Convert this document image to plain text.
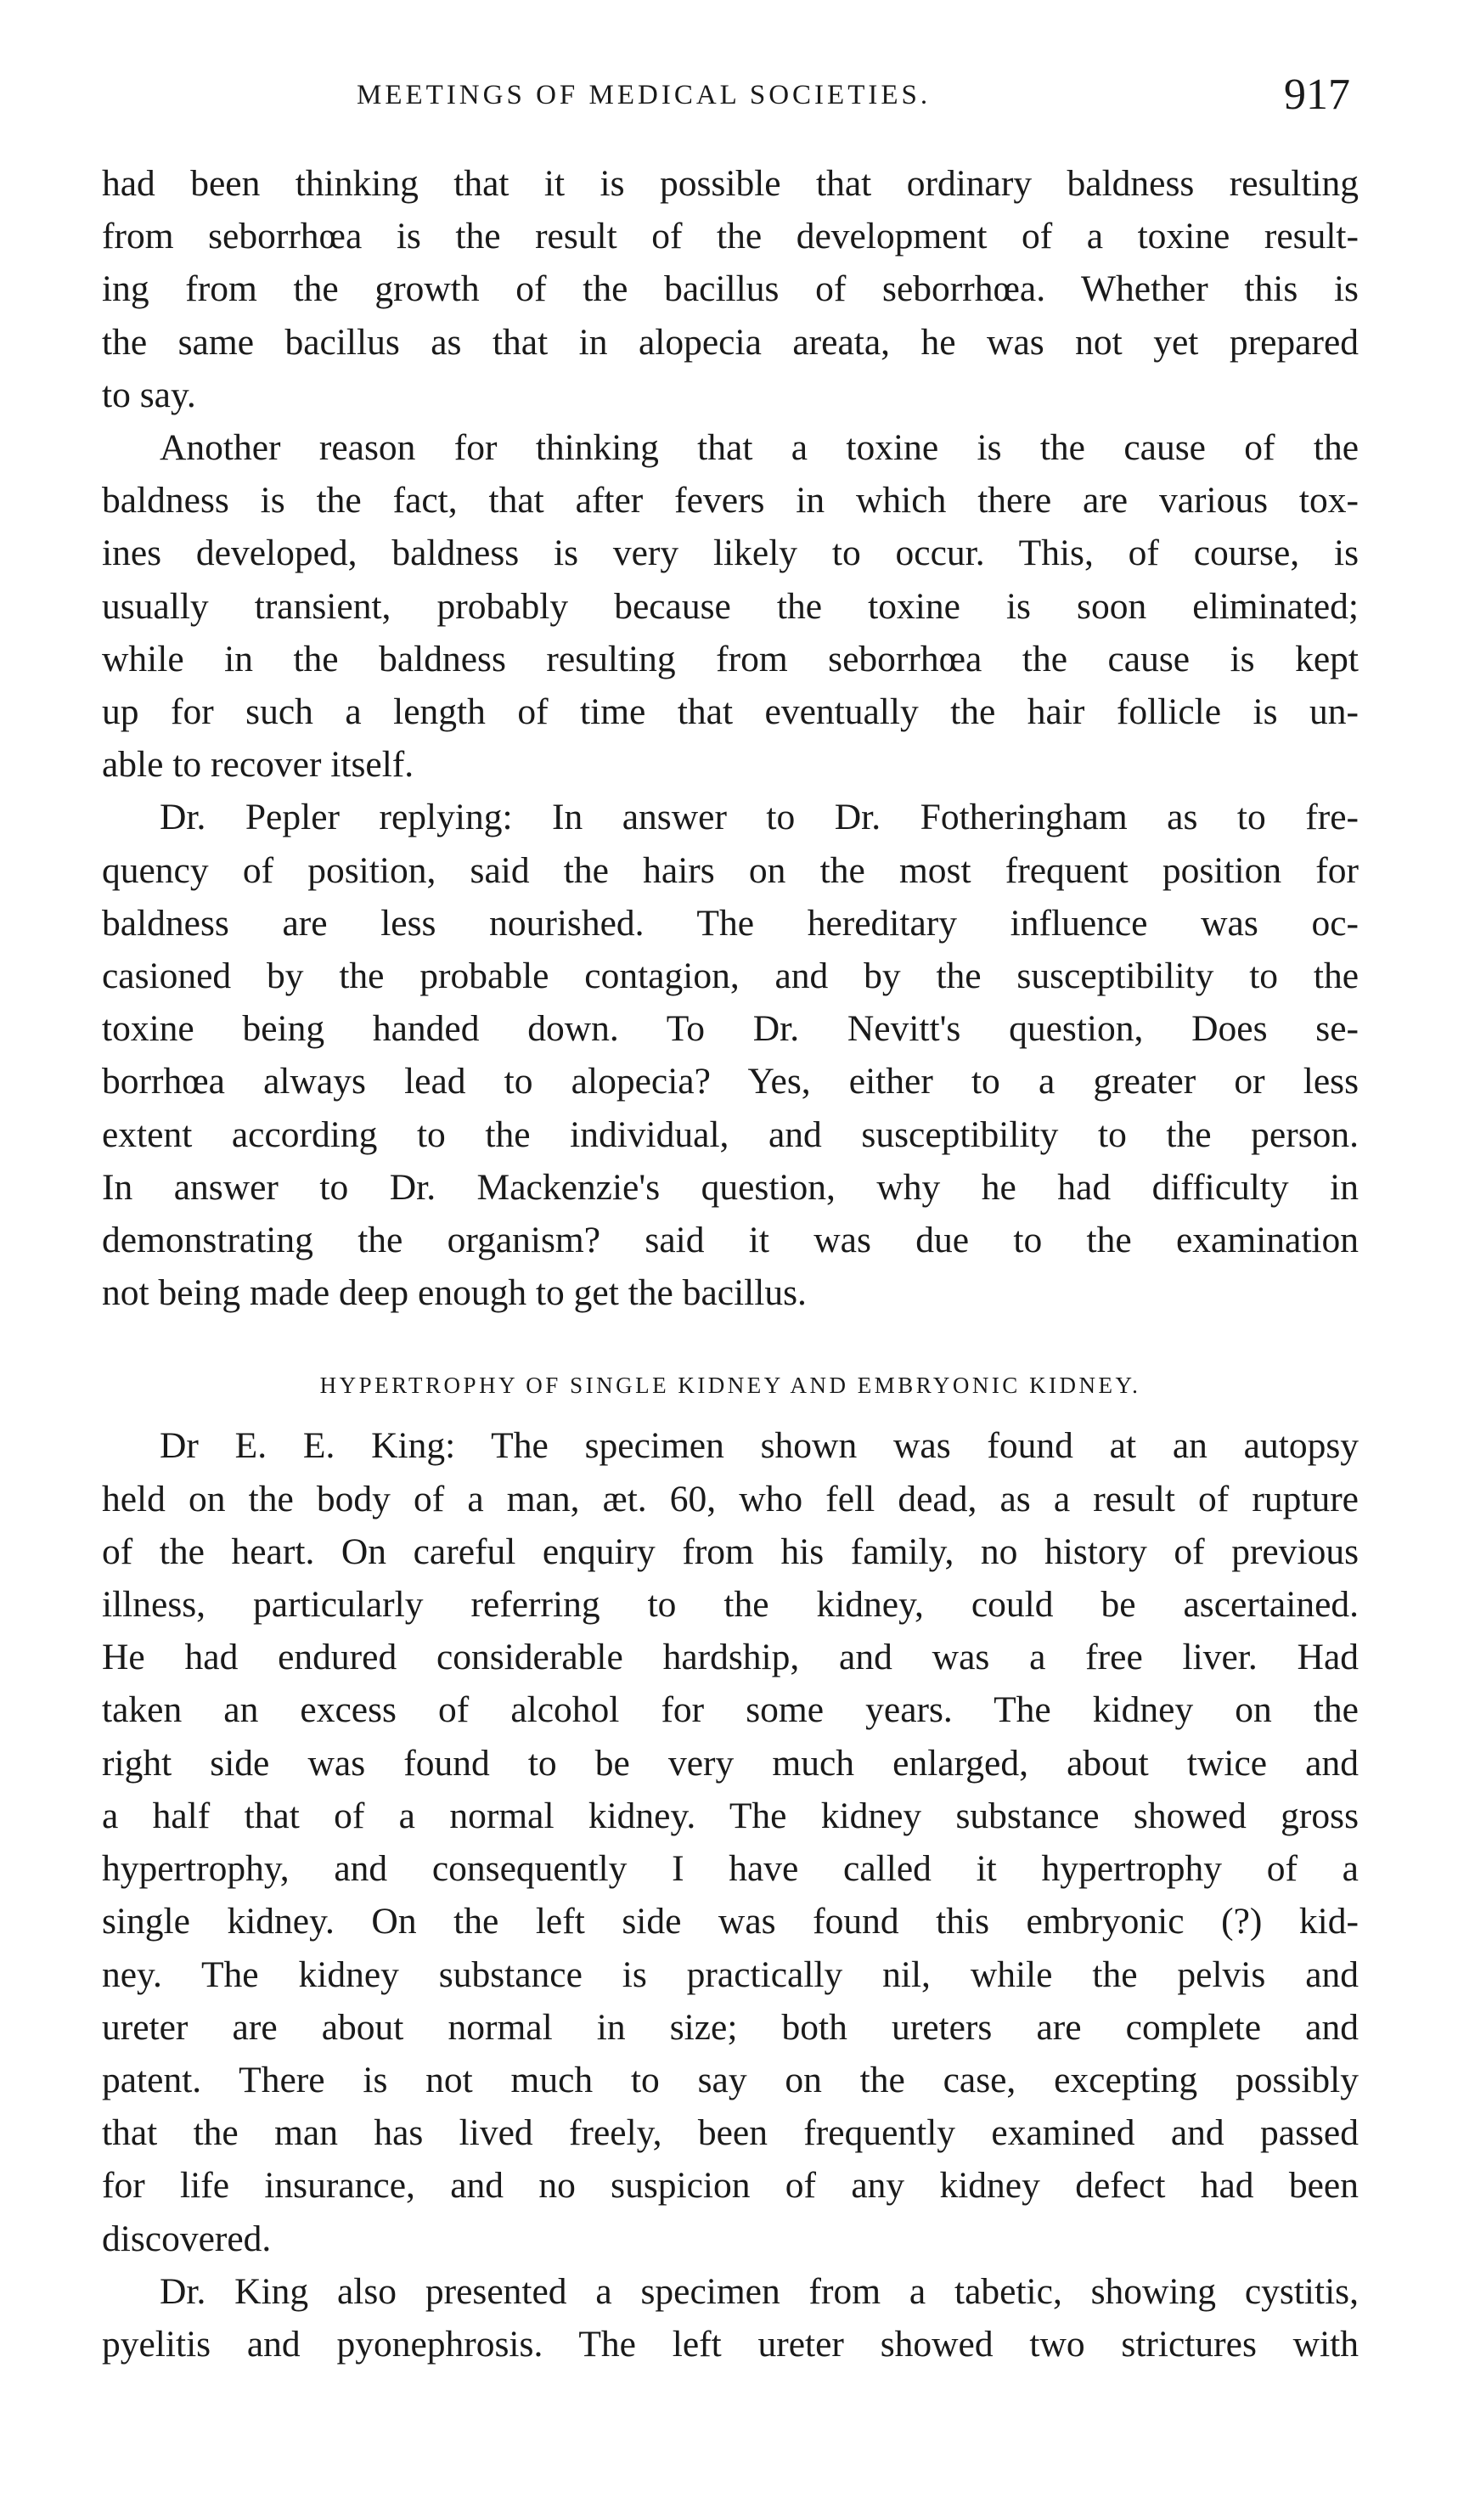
MEETINGS OF MEDICAL SOCIETIES.	917
had been thinking that it is possible that ordinary baldness resulting
from seborrhœa is the result of the development of a toxine result-
ing from the growth of the bacillus of seborrhœa. Whether this is
the same bacillus as that in alopecia areata, he was not yet prepared
to say.
Another reason for thinking that a toxine is the cause of the
baldness is the fact, that after fevers in which there are various tox-
ines developed, baldness is very likely to occur. This, of course, is
usually transient, probably because the toxine is soon eliminated;
while in the baldness resulting from seborrhœa the cause is kept
up for such a length of time that eventually the hair follicle is un-
able to recover itself.
Dr. Pepler replying: In answer to Dr. Fotheringham as to fre-
quency of position, said the hairs on the most frequent position for
baldness are less nourished. The hereditary influence was oc-
casioned by the probable contagion, and by the susceptibility to the
toxine being handed down. To Dr. Nevitt's question, Does se-
borrhœa always lead to alopecia? Yes, either to a greater or less
extent according to the individual, and susceptibility to the person.
In answer to Dr. Mackenzie's question, why he had difficulty in
demonstrating the organism? said it was due to the examination
not being made deep enough to get the bacillus.
HYPERTROPHY OF SINGLE KIDNEY AND EMBRYONIC KIDNEY.
Dr E. E. King: The specimen shown was found at an autopsy
held on the body of a man, æt. 60, who fell dead, as a result of rupture
of the heart. On careful enquiry from his family, no history of previous
illness, particularly referring to the kidney, could be ascertained.
He had endured considerable hardship, and was a free liver. Had
taken an excess of alcohol for some years. The kidney on the
right side was found to be very much enlarged, about twice and
a half that of a normal kidney. The kidney substance showed gross
hypertrophy, and consequently I have called it hypertrophy of a
single kidney. On the left side was found this embryonic (?) kid-
ney. The kidney substance is practically nil, while the pelvis and
ureter are about normal in size; both ureters are complete and
patent. There is not much to say on the case, excepting possibly
that the man has lived freely, been frequently examined and passed
for life insurance, and no suspicion of any kidney defect had been
discovered.
Dr. King also presented a specimen from a tabetic, showing cystitis,
pyelitis and pyonephrosis. The left ureter showed two strictures with
